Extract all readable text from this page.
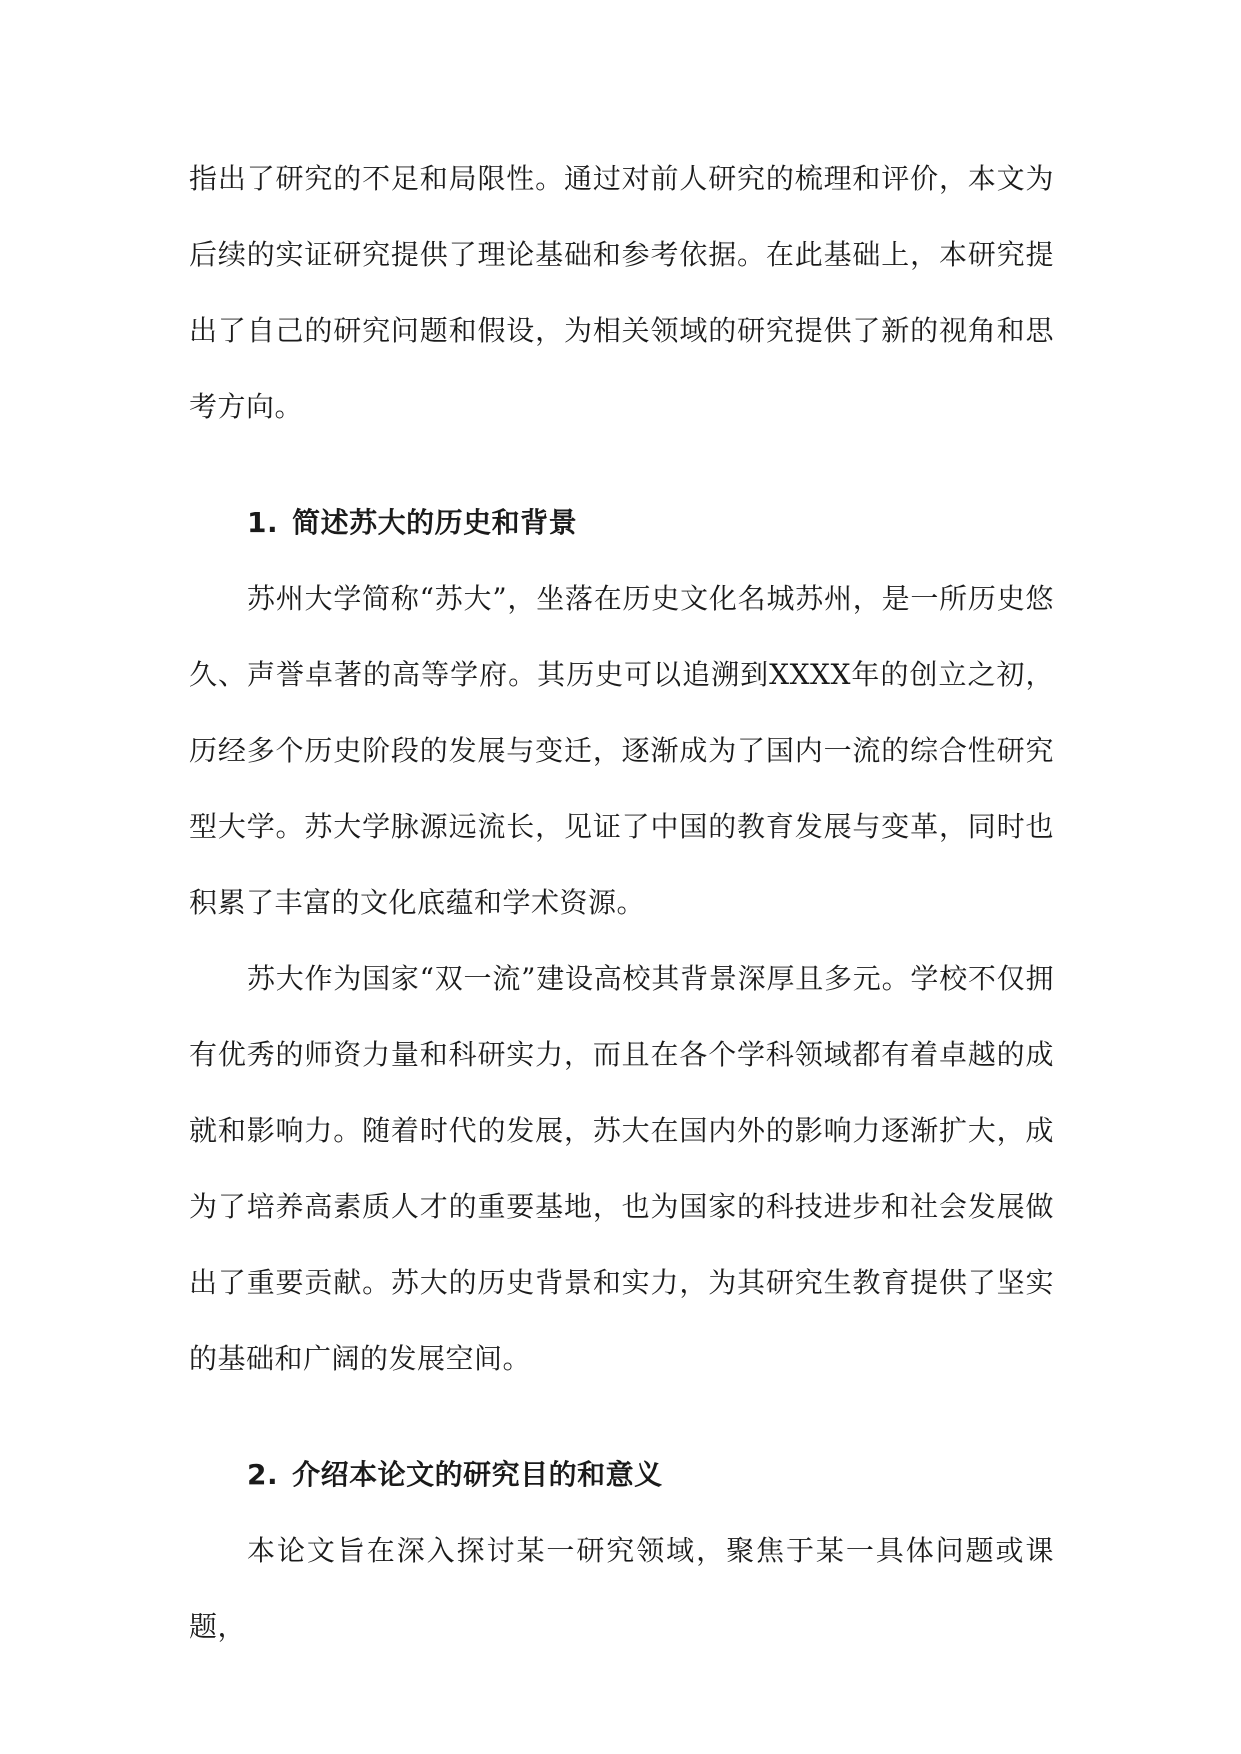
指出了研究的不足和局限性。通过对前人研究的梳理和评价，本文为后续的实证研究提供了理论基础和参考依据。在此基础上，本研究提出了自己的研究问题和假设，为相关领域的研究提供了新的视角和思考方向。

1. 简述苏大的历史和背景

苏州大学简称“苏大”，坐落在历史文化名城苏州，是一所历史悠久、声誉卓著的高等学府。其历史可以追溯到XXXX年的创立之初，历经多个历史阶段的发展与变迁，逐渐成为了国内一流的综合性研究型大学。苏大学脉源远流长，见证了中国的教育发展与变革，同时也积累了丰富的文化底蕴和学术资源。

苏大作为国家“双一流”建设高校其背景深厚且多元。学校不仅拥有优秀的师资力量和科研实力，而且在各个学科领域都有着卓越的成就和影响力。随着时代的发展，苏大在国内外的影响力逐渐扩大，成为了培养高素质人才的重要基地，也为国家的科技进步和社会发展做出了重要贡献。苏大的历史背景和实力，为其研究生教育提供了坚实的基础和广阔的发展空间。

2. 介绍本论文的研究目的和意义

本论文旨在深入探讨某一研究领域，聚焦于某一具体问题或课题，
